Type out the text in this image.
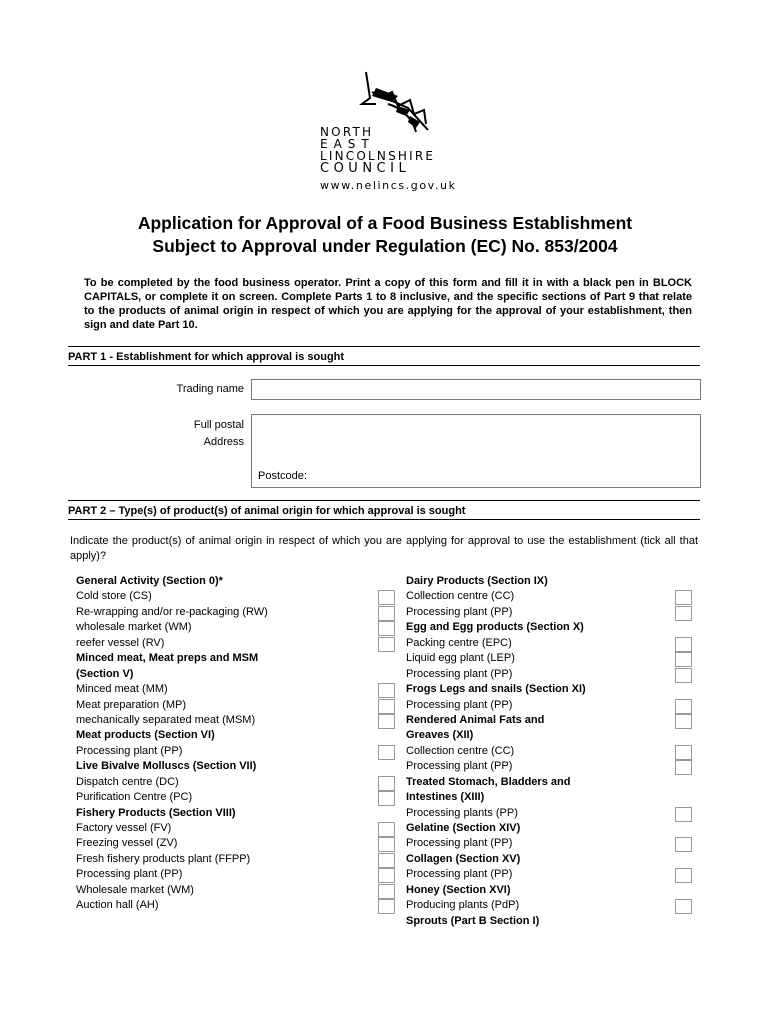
NORTH
EAST
LINCOLNSHIRE
COUNCIL
www.nelincs.gov.uk
Application for Approval of a Food Business Establishment
Subject to Approval under Regulation (EC) No. 853/2004
To be completed by the food business operator. Print a copy of this form and fill it in with a black pen in BLOCK CAPITALS, or complete it on screen. Complete Parts 1 to 8 inclusive, and the specific sections of Part 9 that relate to the products of animal origin in respect of which you are applying for the approval of your establishment, then sign and date Part 10.
PART 1 - Establishment for which approval is sought
Trading name
Full postal
Address
Postcode:
PART 2 – Type(s) of product(s) of animal origin for which approval is sought
Indicate the product(s) of animal origin in respect of which you are applying for approval to use the establishment (tick all that apply)?
General Activity (Section 0)*
Cold store (CS)
Re-wrapping and/or re-packaging (RW)
wholesale market (WM)
reefer vessel (RV)
Minced meat, Meat preps and MSM
(Section V)
Minced meat (MM)
Meat preparation (MP)
mechanically separated meat (MSM)
Meat products (Section VI)
Processing plant (PP)
Live Bivalve Molluscs (Section VII)
Dispatch centre (DC)
Purification Centre (PC)
Fishery Products (Section VIII)
Factory vessel (FV)
Freezing vessel (ZV)
Fresh fishery products plant (FFPP)
Processing plant (PP)
Wholesale market (WM)
Auction hall (AH)
Dairy Products (Section IX)
Collection centre (CC)
Processing plant (PP)
Egg and Egg products (Section X)
Packing centre (EPC)
Liquid egg plant (LEP)
Processing plant (PP)
Frogs Legs and snails (Section XI)
Processing plant (PP)
Rendered Animal Fats and
Greaves (XII)
Collection centre (CC)
Processing plant (PP)
Treated Stomach, Bladders and
Intestines (XIII)
Processing plants (PP)
Gelatine (Section XIV)
Processing plant (PP)
Collagen (Section XV)
Processing plant (PP)
Honey (Section XVI)
Producing plants (PdP)
Sprouts (Part B Section I)
